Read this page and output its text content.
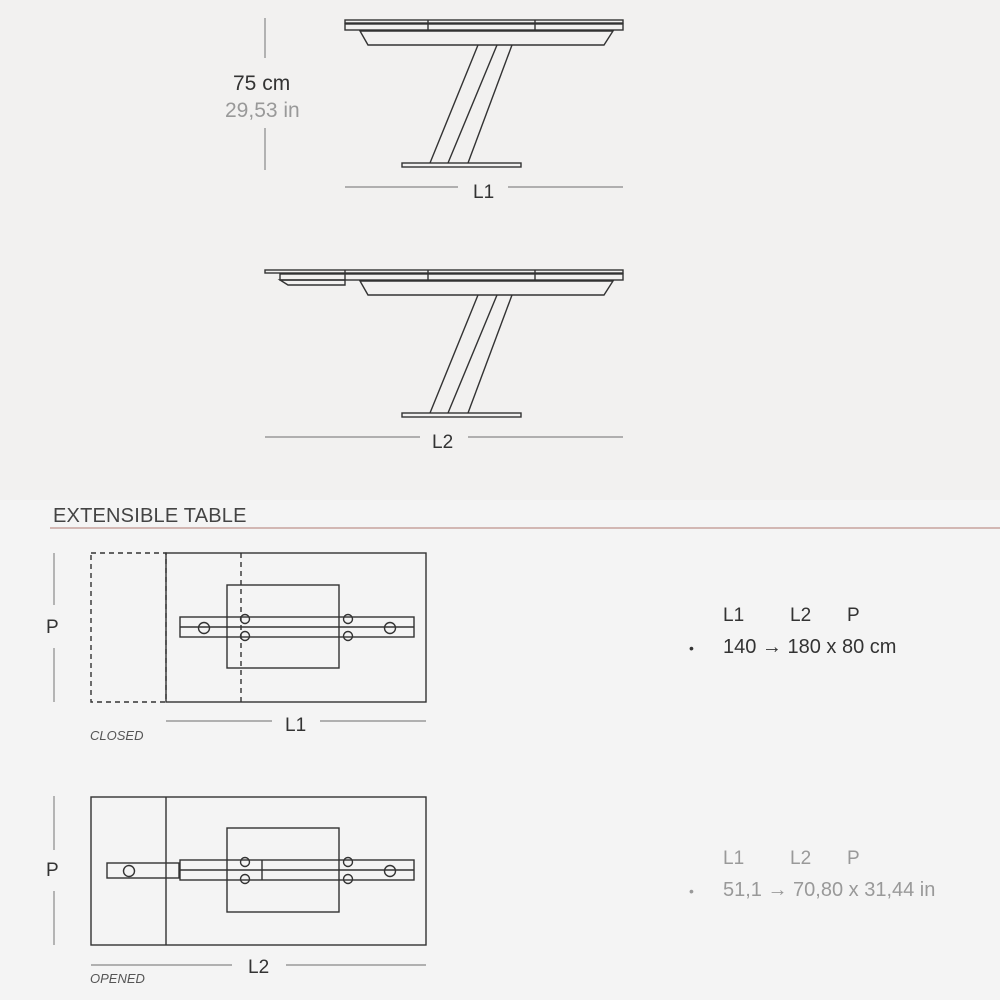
75 cm
29,53 in
L1
L2
EXTENSIBLE TABLE
P
L1
CLOSED
P
L2
OPENED
L1 L2 P
• 140 → 180 x 80 cm
L1 L2 P
• 51,1 → 70,80 x 31,44 in
